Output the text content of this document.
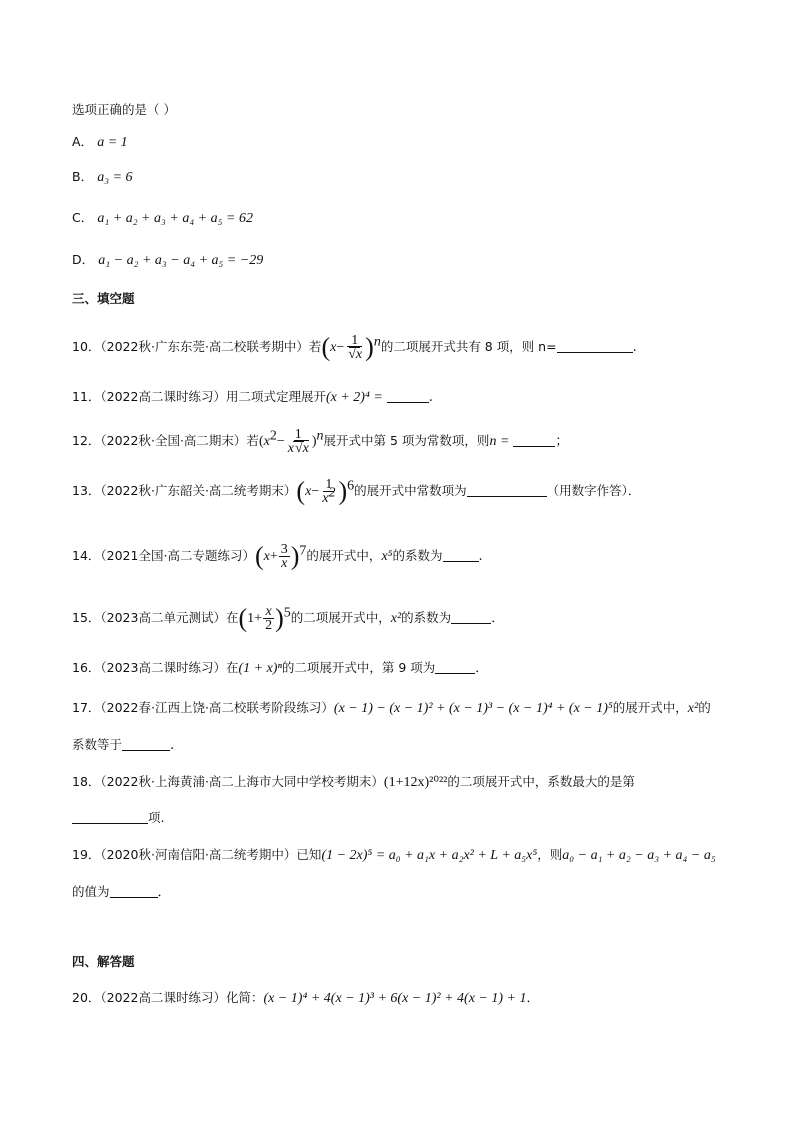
选项正确的是（ ）
A． a = 1
B． a₃ = 6
C． a₁ + a₂ + a₃ + a₄ + a₅ = 62
D． a₁ − a₂ + a₃ − a₄ + a₅ = −29
三、填空题
10．（2022秋·广东东莞·高二校联考期中）若(x− 1
√ x )$^n$的二项展开式共有 8 项，则 n=	.
11．（2022高二课时练习）用二项式定理展开(x + 2)⁴ =	.
12．（2022秋·全国·高二期末）若$(x^2- \frac{1}{x√ x} )^n$展开式中第 5 项为常数项，则n =	；
13．（2022秋·广东韶关·高二统考期末）$(x- \frac{1}{x^2} )^6$的展开式中常数项为	（用数字作答）．
14．（2021全国·高二专题练习）$(x+ \frac{3}{x} )^7$的展开式中，x⁵的系数为	.
15．（2023高二单元测试）在$(1+ \frac{x}{2} )^5$的二项展开式中，x²的系数为	．
16．（2023高二课时练习）在(1 + x)ⁿ的二项展开式中，第 9 项为	．
17．（2022春·江西上饶·高二校联考阶段练习）(x − 1) − (x − 1)² + (x − 1)³ − (x − 1)⁴ + (x − 1)⁵的展开式中，x²的
系数等于	.
18．（2022秋·上海黄浦·高二上海市大同中学校考期末）(1+12x)²⁰²²的二项展开式中，系数最大的是第
项.
19．（2020秋·河南信阳·高二统考期中）已知(1 − 2x)⁵ = a₀ + a₁x + a₂x² + L + a₅x⁵，则a₀ − a₁ + a₂ − a₃ + a₄ − a₅
的值为	．
四、解答题
20．（2022高二课时练习）化简：(x − 1)⁴ + 4(x − 1)³ + 6(x − 1)² + 4(x − 1) + 1．
